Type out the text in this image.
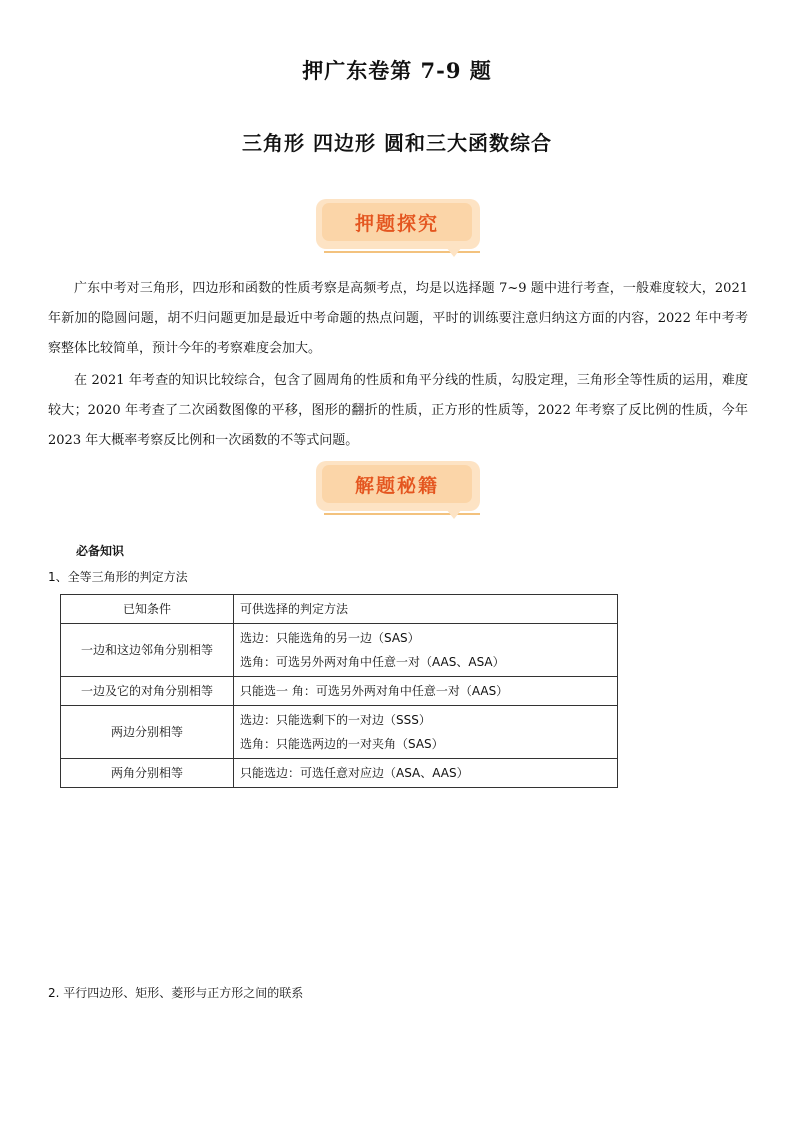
押广东卷第 7-9 题
三角形 四边形 圆和三大函数综合
押题探究
广东中考对三角形，四边形和函数的性质考察是高频考点，均是以选择题 7~9 题中进行考查，一般难度较大，2021 年新加的隐圆问题，胡不归问题更加是最近中考命题的热点问题，平时的训练要注意归纳这方面的内容，2022 年中考考察整体比较简单，预计今年的考察难度会加大。
在 2021 年考查的知识比较综合，包含了圆周角的性质和角平分线的性质，勾股定理，三角形全等性质的运用，难度较大；2020 年考查了二次函数图像的平移，图形的翻折的性质，正方形的性质等，2022 年考察了反比例的性质，今年 2023 年大概率考察反比例和一次函数的不等式问题。
解题秘籍
必备知识
1、全等三角形的判定方法
已知条件	可供选择的判定方法
一边和这边邻角分别相等	选边：只能选角的另一边（SAS）
选角：可选另外两对角中任意一对（AAS、ASA）

一边及它的对角分别相等	只能选一 角：可选另外两对角中任意一对（AAS）

两边分别相等	选边：只能选剩下的一对边（SSS）
选角：只能选两边的一对夹角（SAS）

两角分别相等	只能选边：可选任意对应边（ASA、AAS）
2. 平行四边形、矩形、菱形与正方形之间的联系
